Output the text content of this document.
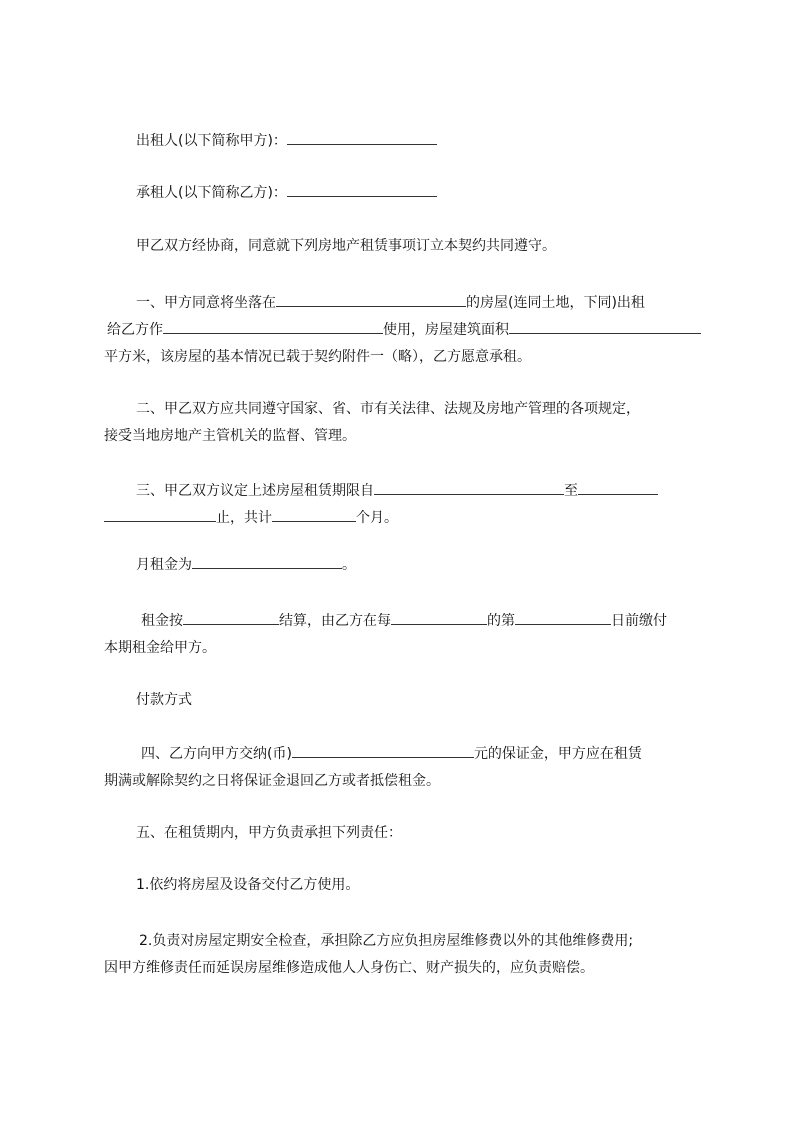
出租人(以下简称甲方)：
承租人(以下简称乙方)：
甲乙双方经协商，同意就下列房地产租赁事项订立本契约共同遵守。
一、甲方同意将坐落在	的房屋(连同土地，下同)出租
给乙方作	使用，房屋建筑面积
平方米，该房屋的基本情况已载于契约附件一（略），乙方愿意承租。
二、甲乙双方应共同遵守国家、省、市有关法律、法规及房地产管理的各项规定，
接受当地房地产主管机关的监督、管理。
三、甲乙双方议定上述房屋租赁期限自	至
止，共计	个月。
月租金为	。
租金按	结算，由乙方在每	的第	日前缴付
本期租金给甲方。
付款方式
四、乙方向甲方交纳(币)	元的保证金，甲方应在租赁
期满或解除契约之日将保证金退回乙方或者抵偿租金。
五、在租赁期内，甲方负责承担下列责任：
1.依约将房屋及设备交付乙方使用。
2.负责对房屋定期安全检查，承担除乙方应负担房屋维修费以外的其他维修费用;
因甲方维修责任而延误房屋维修造成他人人身伤亡、财产损失的，应负责赔偿。
